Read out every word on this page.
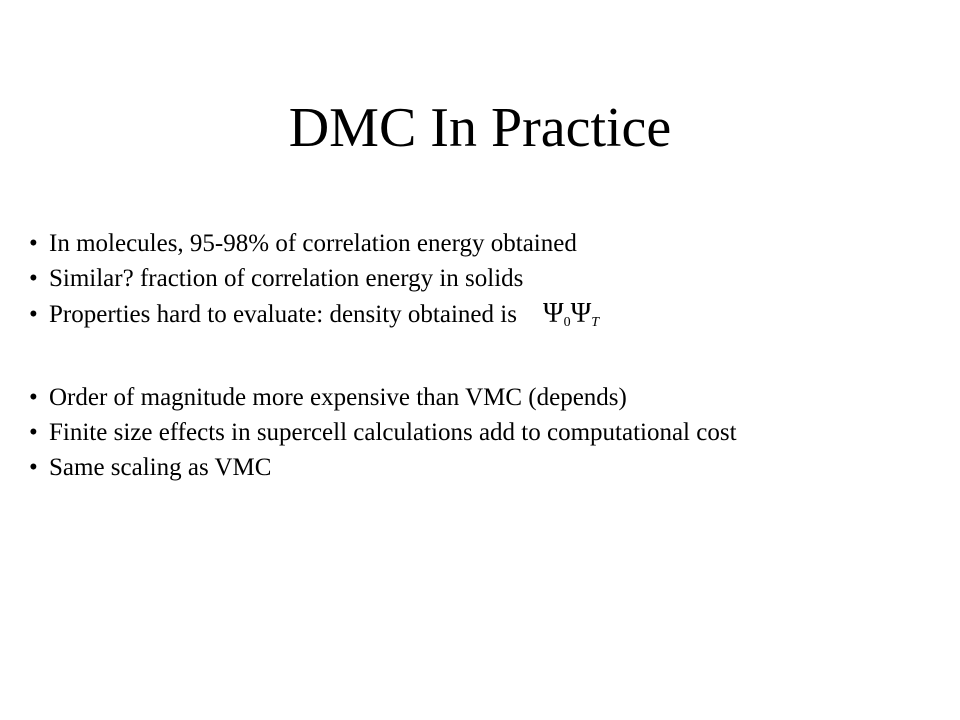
DMC In Practice
• In molecules, 95-98% of correlation energy obtained
• Similar? fraction of correlation energy in solids
• Properties hard to evaluate: density obtained is $\Psi_0\Psi_T$
• Order of magnitude more expensive than VMC (depends)
• Finite size effects in supercell calculations add to computational cost
• Same scaling as VMC
